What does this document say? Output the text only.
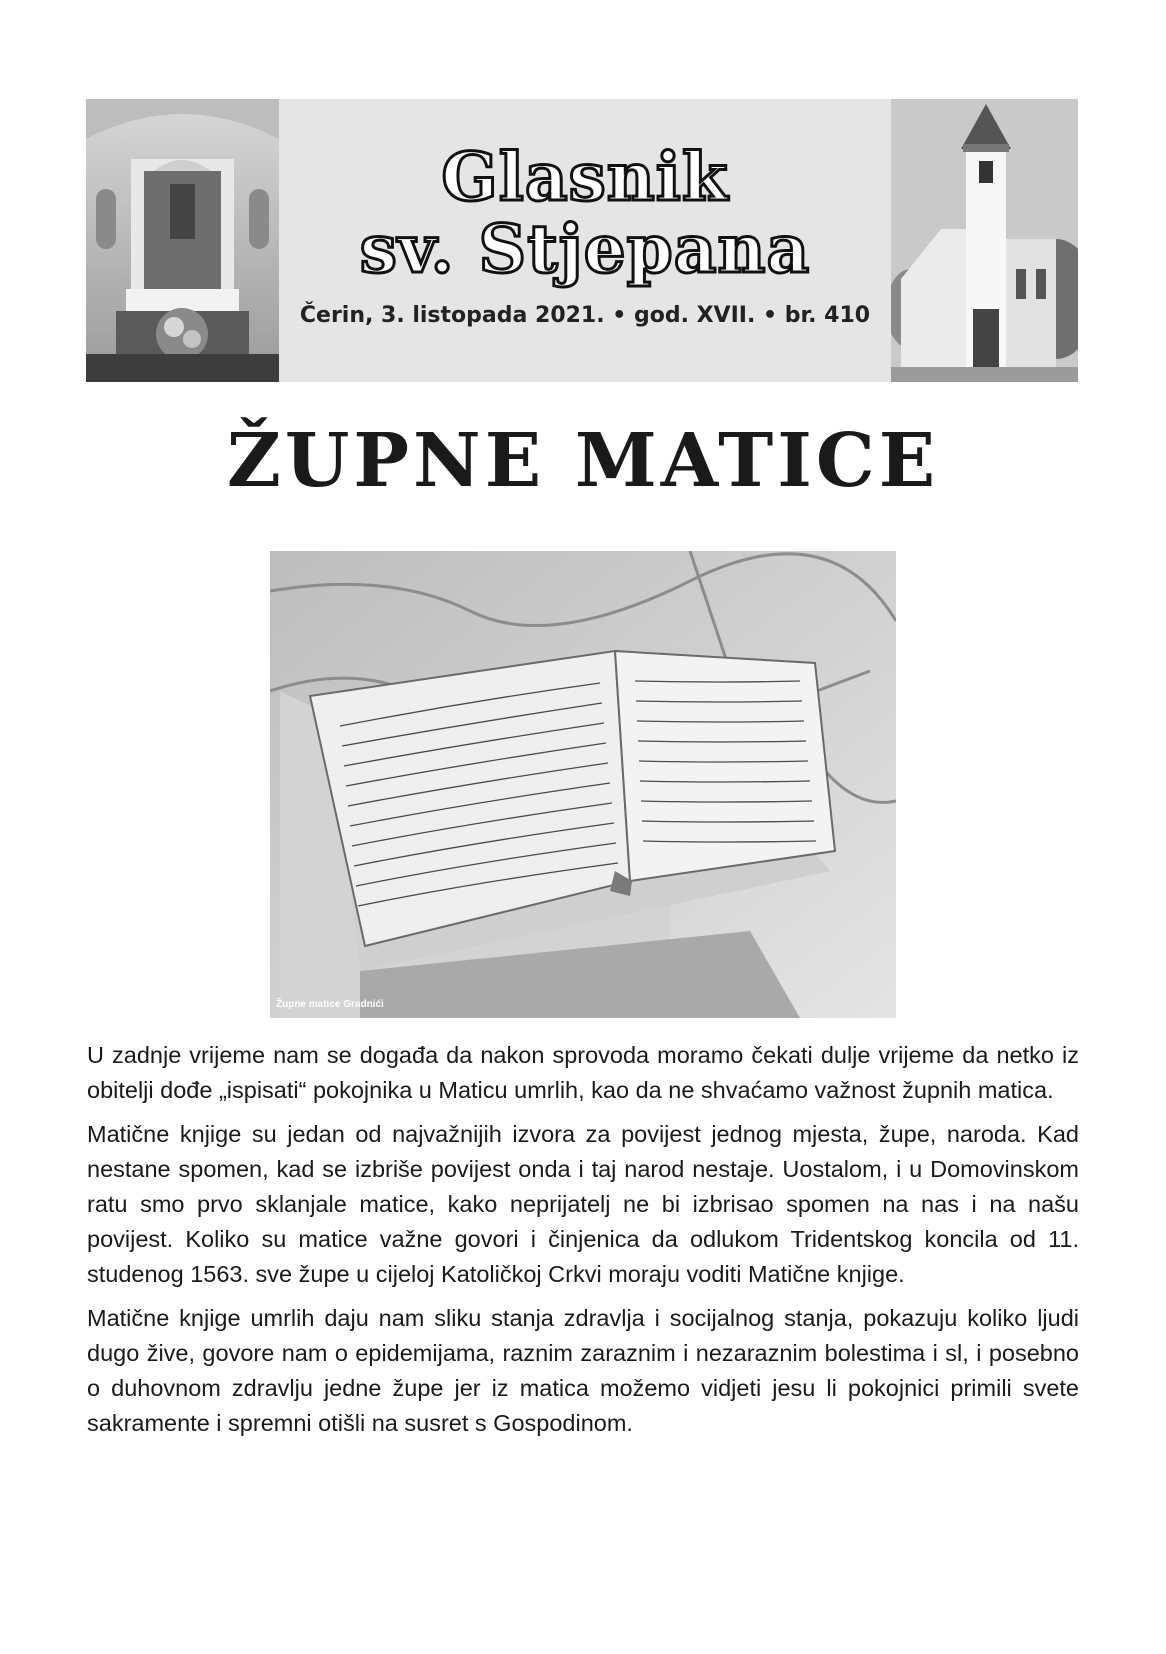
Glasnik
sv. Stjepana
Čerin, 3. listopada 2021. • god. XVII. • br. 410
ŽUPNE MATICE
Župne matice Gradnići

U zadnje vrijeme nam se događa da nakon sprovoda moramo čekati dulje vrijeme da netko iz obitelji dođe „ispisati“ pokojnika u Maticu umrlih, kao da ne shvaćamo važnost župnih matica.

Matične knjige su jedan od najvažnijih izvora za povijest jednog mjesta, župe, naroda. Kad nestane spomen, kad se izbriše povijest onda i taj narod nestaje. Uostalom, i u Domovinskom ratu smo prvo sklanjale matice, kako neprijatelj ne bi izbrisao spomen na nas i na našu povijest. Koliko su matice važne govori i činjenica da odlukom Tridentskog koncila od 11. studenog 1563. sve župe u cijeloj Katoličkoj Crkvi moraju voditi Matične knjige.

Matične knjige umrlih daju nam sliku stanja zdravlja i socijalnog stanja, pokazuju koliko ljudi dugo žive, govore nam o epidemijama, raznim zaraznim i nezaraznim bolestima i sl, i posebno o duhovnom zdravlju jedne župe jer iz matica možemo vidjeti jesu li pokojnici primili svete sakramente i spremni otišli na susret s Gospodinom.
